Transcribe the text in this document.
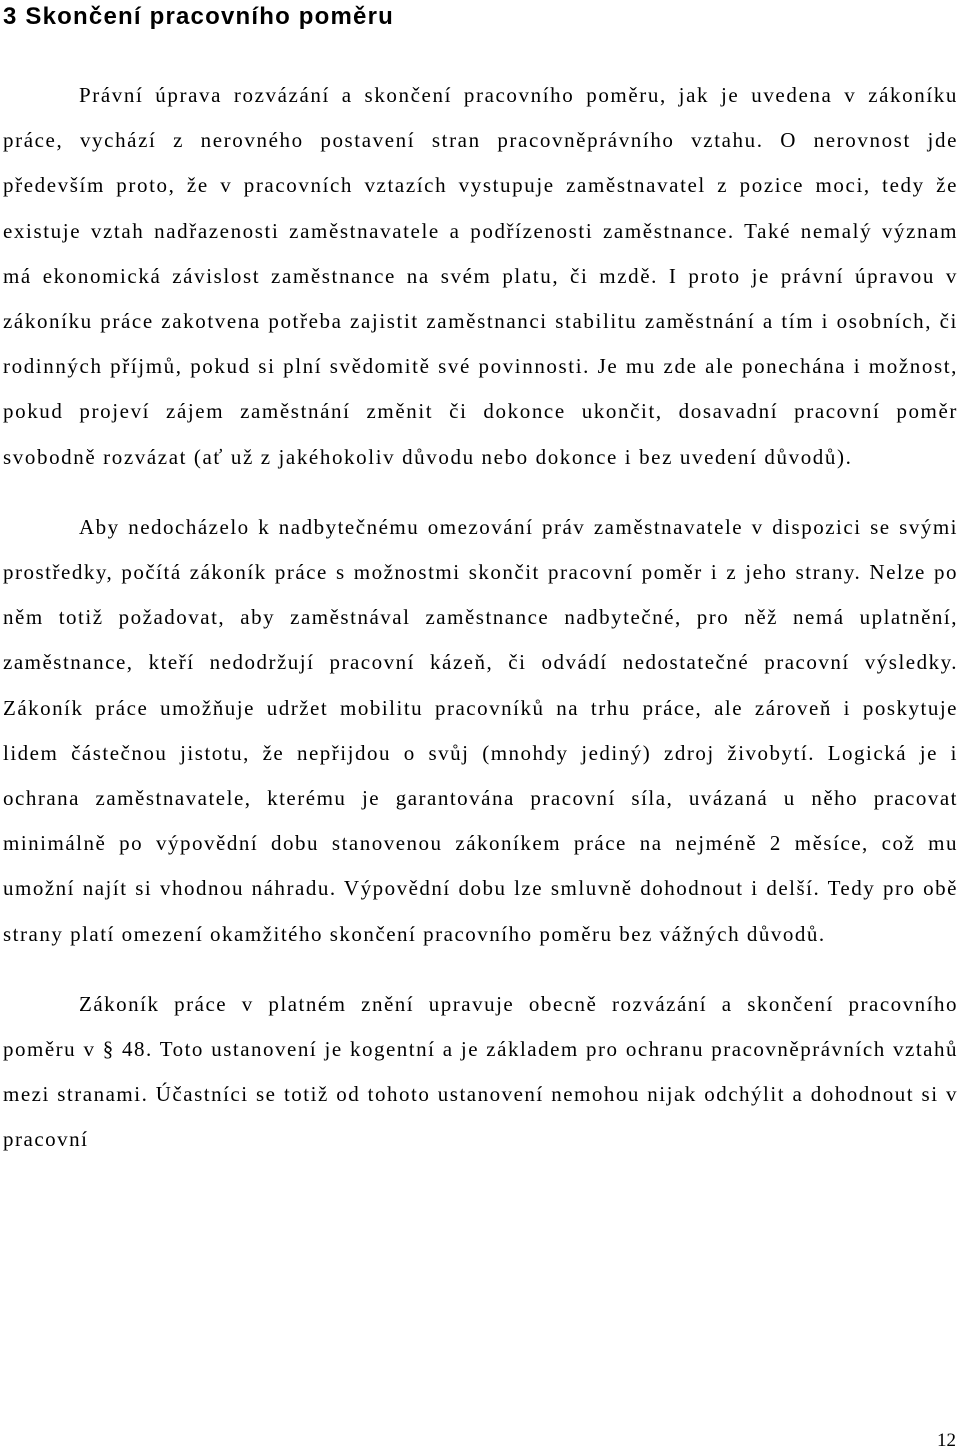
3 Skončení pracovního poměru

Právní úprava rozvázání a skončení pracovního poměru, jak je uvedena v zákoníku práce, vychází z nerovného postavení stran pracovněprávního vztahu. O nerovnost jde především proto, že v pracovních vztazích vystupuje zaměstnavatel z pozice moci, tedy že existuje vztah nadřazenosti zaměstnavatele a podřízenosti zaměstnance. Také nemalý význam má ekonomická závislost zaměstnance na svém platu, či mzdě. I proto je právní úpravou v zákoníku práce zakotvena potřeba zajistit zaměstnanci stabilitu zaměstnání a tím i osobních, či rodinných příjmů, pokud si plní svědomitě své povinnosti. Je mu zde ale ponechána i možnost, pokud projeví zájem zaměstnání změnit či dokonce ukončit, dosavadní pracovní poměr svobodně rozvázat (ať už z jakéhokoliv důvodu nebo dokonce i bez uvedení důvodů).

Aby nedocházelo k nadbytečnému omezování práv zaměstnavatele v dispozici se svými prostředky, počítá zákoník práce s možnostmi skončit pracovní poměr i z jeho strany. Nelze po něm totiž požadovat, aby zaměstnával zaměstnance nadbytečné, pro něž nemá uplatnění, zaměstnance, kteří nedodržují pracovní kázeň, či odvádí nedostatečné pracovní výsledky. Zákoník práce umožňuje udržet mobilitu pracovníků na trhu práce, ale zároveň i poskytuje lidem částečnou jistotu, že nepřijdou o svůj (mnohdy jediný) zdroj živobytí. Logická je i ochrana zaměstnavatele, kterému je garantována pracovní síla, uvázaná u něho pracovat minimálně po výpovědní dobu stanovenou zákoníkem práce na nejméně 2 měsíce, což mu umožní najít si vhodnou náhradu. Výpovědní dobu lze smluvně dohodnout i delší. Tedy pro obě strany platí omezení okamžitého skončení pracovního poměru bez vážných důvodů.

Zákoník práce v platném znění upravuje obecně rozvázání a skončení pracovního poměru v § 48. Toto ustanovení je kogentní a je základem pro ochranu pracovněprávních vztahů mezi stranami. Účastníci se totiž od tohoto ustanovení nemohou nijak odchýlit a dohodnout si v pracovní

12
